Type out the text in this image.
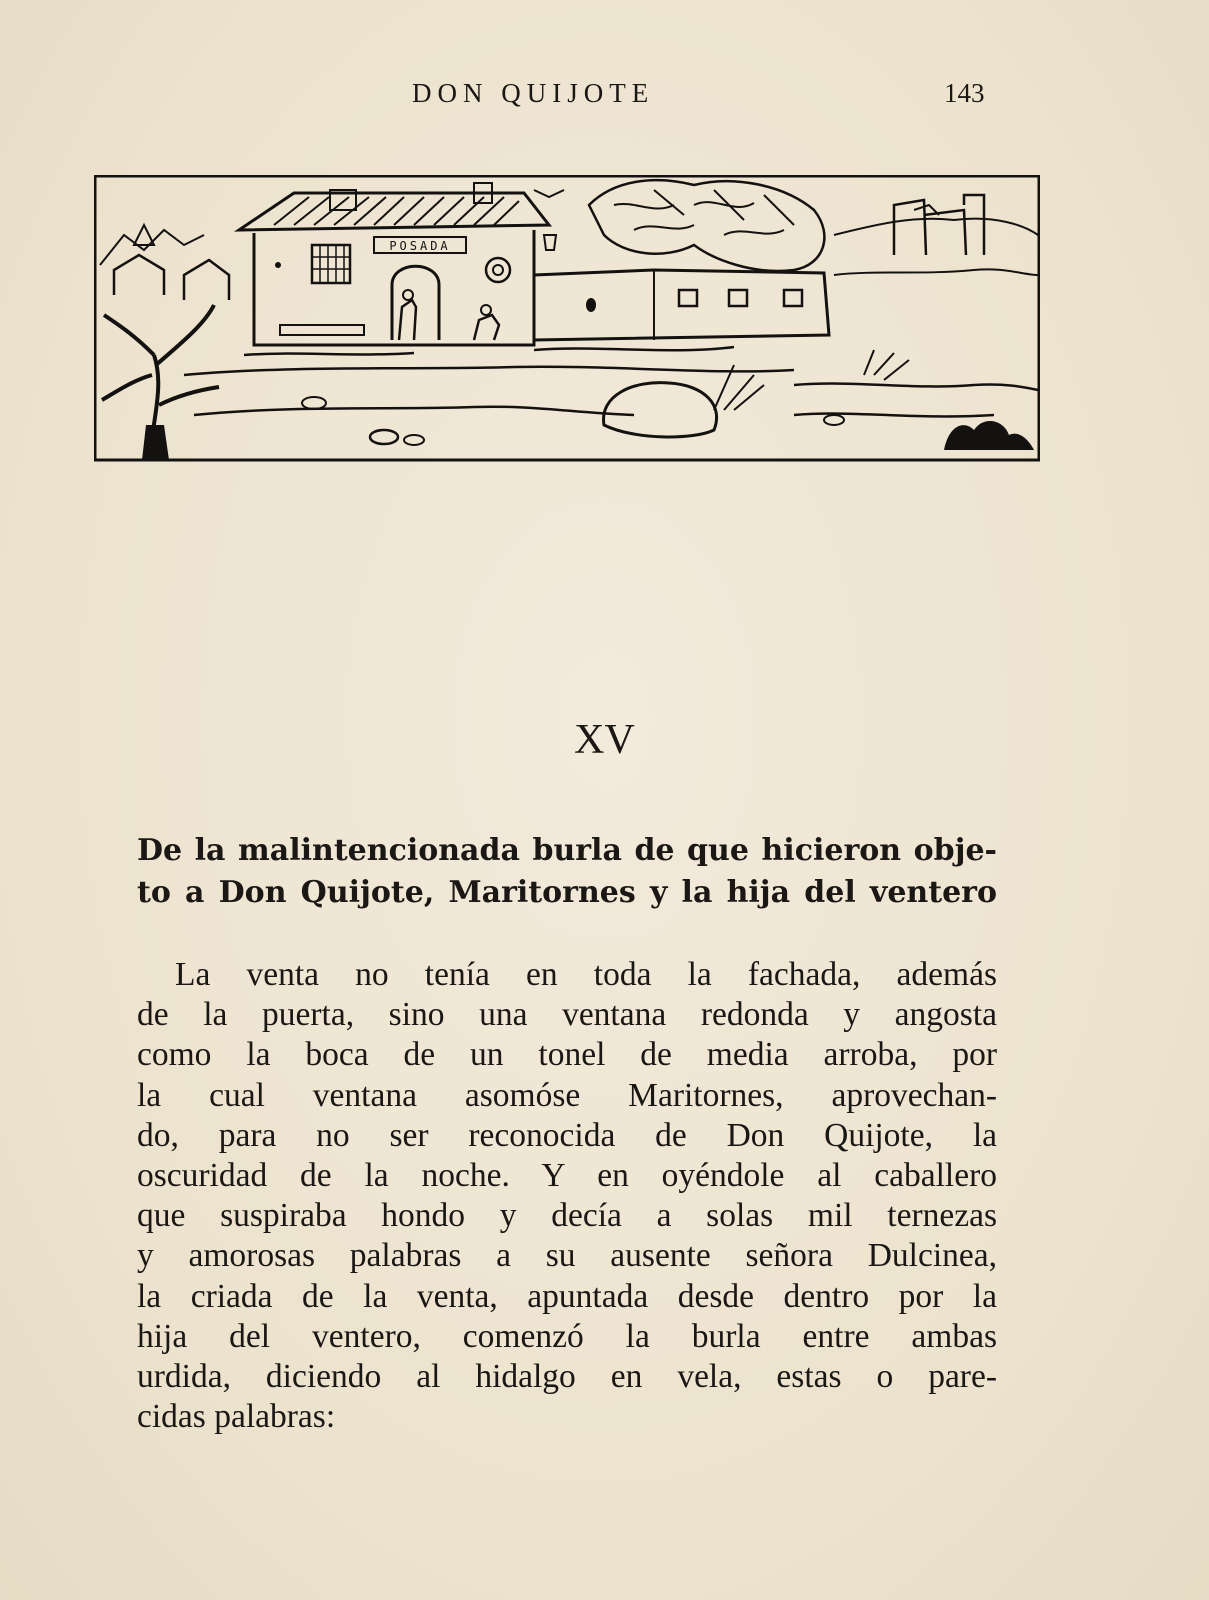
DON QUIJOTE	143
POSADA
XV
De la malintencionada burla de que hicieron obje-
to a Don Quijote, Maritornes y la hija del ventero
La venta no tenía en toda la fachada, además
de la puerta, sino una ventana redonda y angosta
como la boca de un tonel de media arroba, por
la cual ventana asomóse Maritornes, aprovechan-
do, para no ser reconocida de Don Quijote, la
oscuridad de la noche. Y en oyéndole al caballero
que suspiraba hondo y decía a solas mil ternezas
y amorosas palabras a su ausente señora Dulcinea,
la criada de la venta, apuntada desde dentro por la
hija del ventero, comenzó la burla entre ambas
urdida, diciendo al hidalgo en vela, estas o pare-
cidas palabras:
